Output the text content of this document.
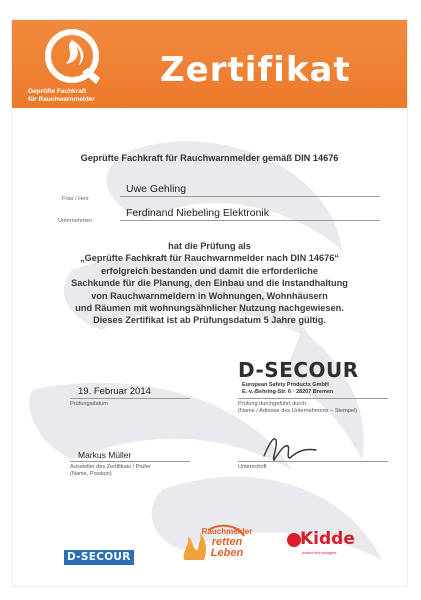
Geprüfte Fachkraft
für Rauchwarnmelder
Zertifikat
Geprüfte Fachkraft für Rauchwarnmelder gemäß DIN 14676
Frau / Herr
Uwe Gehling
Unternehmen
Ferdinand Niebeling Elektronik
hat die Prüfung als
„Geprüfte Fachkraft für Rauchwarnmelder nach DIN 14676“
erfolgreich bestanden und damit die erforderliche
Sachkunde für die Planung, den Einbau und die Instandhaltung
von Rauchwarnmeldern in Wohnungen, Wohnhäusern
und Räumen mit wohnungsähnlicher Nutzung nachgewiesen.
Dieses Zertifikat ist ab Prüfungsdatum 5 Jahre gültig.
D-SECOUR
European Safety Products GmbH
E.-v.-Behring-Str. 6 · 28207 Bremen
19. Februar 2014
Prüfungsdatum	Prüfung durchgeführt durch
(Name / Adresse des Unternehmens – Stempel)
Markus Müller
Aussteller des Zertifikats / Prüfer
(Name, Position)
Unterschrift
D-SECOUR
Rauchmelder
retten
Leben
Kidde
united technologies
